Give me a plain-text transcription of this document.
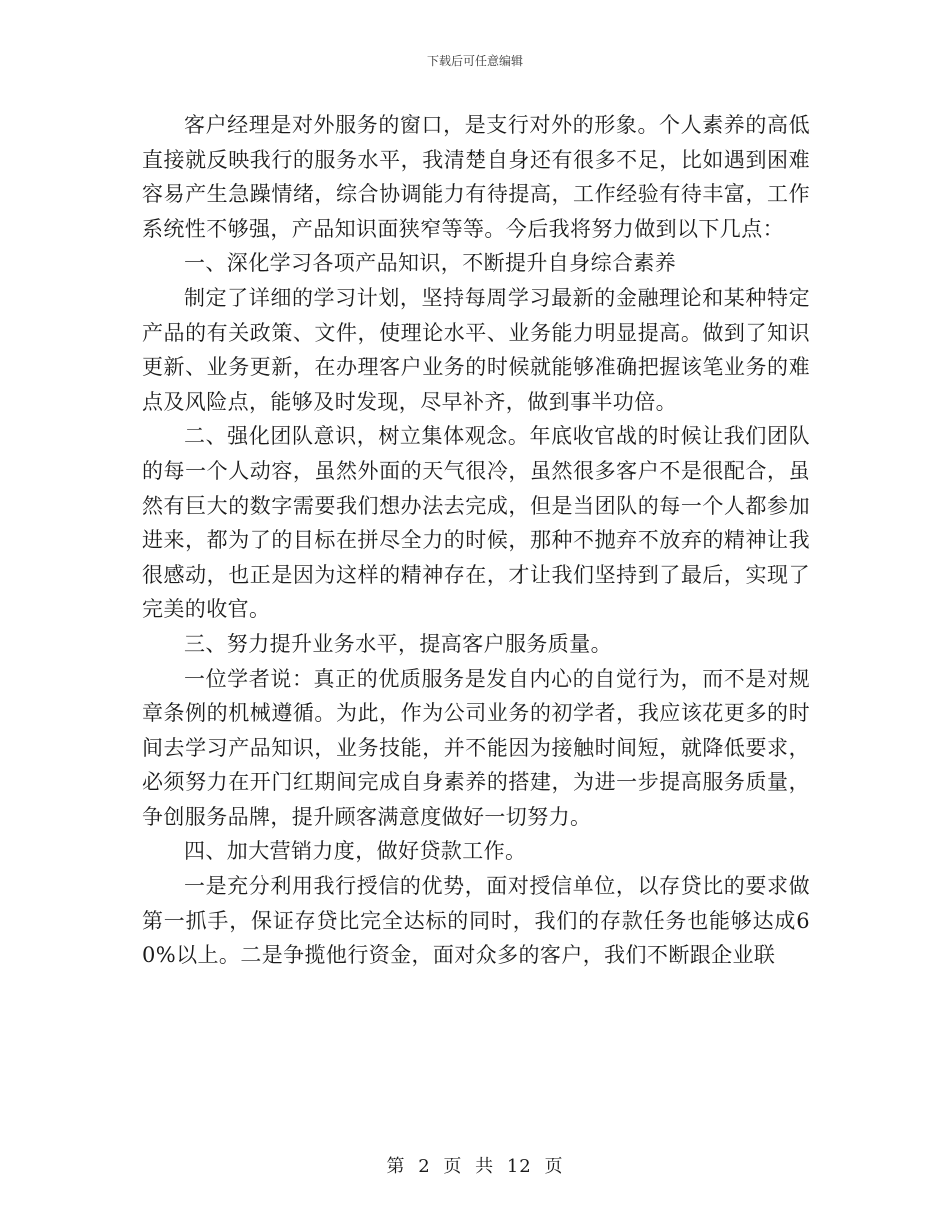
下载后可任意编辑

客户经理是对外服务的窗口，是支行对外的形象。个人素养的高低直接就反映我行的服务水平，我清楚自身还有很多不足，比如遇到困难容易产生急躁情绪，综合协调能力有待提高，工作经验有待丰富，工作系统性不够强，产品知识面狭窄等等。今后我将努力做到以下几点：

一、深化学习各项产品知识，不断提升自身综合素养

制定了详细的学习计划，坚持每周学习最新的金融理论和某种特定产品的有关政策、文件，使理论水平、业务能力明显提高。做到了知识更新、业务更新，在办理客户业务的时候就能够准确把握该笔业务的难点及风险点，能够及时发现，尽早补齐，做到事半功倍。

二、强化团队意识，树立集体观念。年底收官战的时候让我们团队的每一个人动容，虽然外面的天气很冷，虽然很多客户不是很配合，虽然有巨大的数字需要我们想办法去完成，但是当团队的每一个人都参加进来，都为了的目标在拼尽全力的时候，那种不抛弃不放弃的精神让我很感动，也正是因为这样的精神存在，才让我们坚持到了最后，实现了完美的收官。

三、努力提升业务水平，提高客户服务质量。

一位学者说：真正的优质服务是发自内心的自觉行为，而不是对规章条例的机械遵循。为此，作为公司业务的初学者，我应该花更多的时间去学习产品知识，业务技能，并不能因为接触时间短，就降低要求，必须努力在开门红期间完成自身素养的搭建，为进一步提高服务质量，争创服务品牌，提升顾客满意度做好一切努力。

四、加大营销力度，做好贷款工作。

一是充分利用我行授信的优势，面对授信单位，以存贷比的要求做第一抓手，保证存贷比完全达标的同时，我们的存款任务也能够达成60%以上。二是争揽他行资金，面对众多的客户，我们不断跟企业联

第 2 页 共 12 页
